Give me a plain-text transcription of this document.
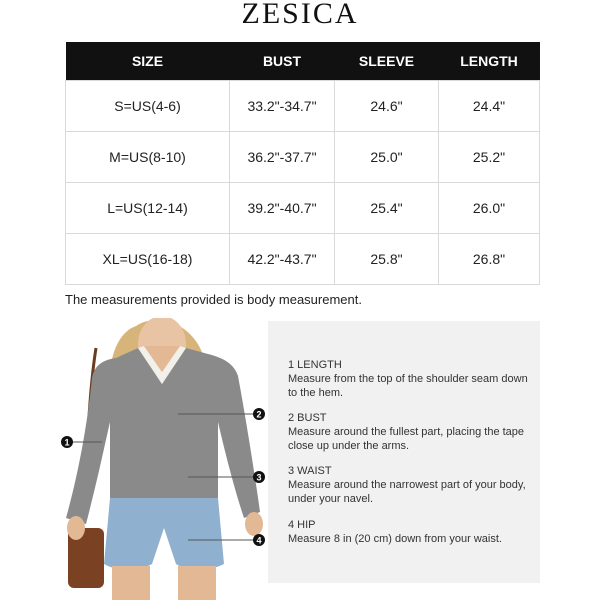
ZESICA
SIZE	BUST	SLEEVE	LENGTH
S=US(4-6)	33.2"-34.7"	24.6"	24.4"
M=US(8-10)	36.2"-37.7"	25.0"	25.2"
L=US(12-14)	39.2"-40.7"	25.4"	26.0"
XL=US(16-18)	42.2"-43.7"	25.8"	26.8"
The measurements provided is body measurement.
1
2
3
4
1 LENGTH
Measure from the top of the shoulder seam down to the hem.
2 BUST
Measure around the fullest part, placing the tape close up under the arms.
3 WAIST
Measure around the narrowest part of your body, under your navel.
4 HIP
Measure 8 in (20 cm) down from your waist.
